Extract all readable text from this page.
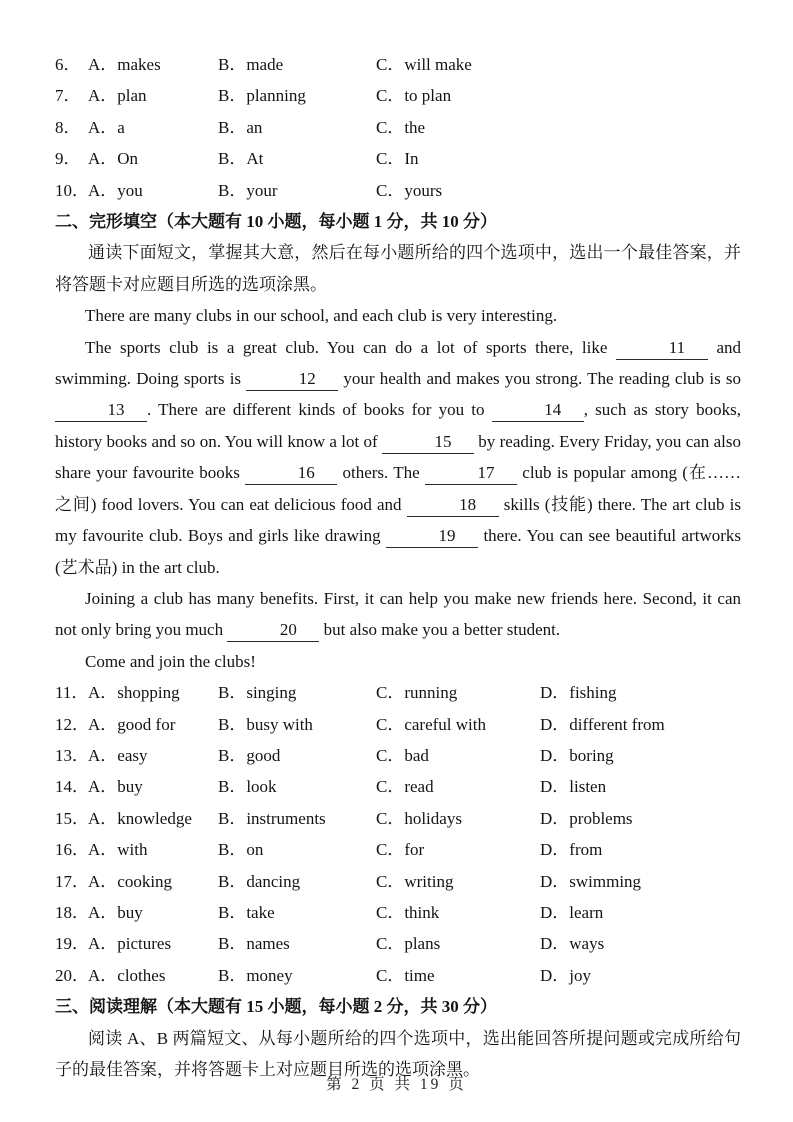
6． A．makes	B．made	C．will make
7． A．plan	B．planning	C．to plan
8． A．a	B．an	C．the
9． A．On	B．At	C．In
10． A．you	B．your	C．yours
二、完形填空（本大题有 10 小题，每小题 1 分，共 10 分）

通读下面短文，掌握其大意，然后在每小题所给的四个选项中，选出一个最佳答案，并将答题卡对应题目所选的选项涂黑。

There are many clubs in our school, and each club is very interesting.

The sports club is a great club. You can do a lot of sports there, like	11 and swimming. Doing sports is	12 your health and makes you strong. The reading club is so 13 . There are different kinds of books for you to	14 , such as story books, history books and so on. You will know a lot of	15 by reading. Every Friday, you can also share your favourite books	16 others. The	17 club is popular among (在……之间) food lovers. You can eat delicious food and	18 skills (技能) there. The art club is my favourite club. Boys and girls like drawing	19 there. You can see beautiful artworks (艺术品) in the art club.

Joining a club has many benefits. First, it can help you make new friends here. Second, it can not only bring you much	20 but also make you a better student.

Come and join the clubs!

11． A．shopping	B．singing	C．running	D．fishing
12． A．good for	B．busy with	C．careful with	D．different from
13． A．easy	B．good	C．bad	D．boring
14． A．buy	B．look	C．read	D．listen
15． A．knowledge	B．instruments	C．holidays	D．problems
16． A．with	B．on	C．for	D．from
17． A．cooking	B．dancing	C．writing	D．swimming
18． A．buy	B．take	C．think	D．learn
19． A．pictures	B．names	C．plans	D．ways
20． A．clothes	B．money	C．time	D．joy
三、阅读理解（本大题有 15 小题，每小题 2 分，共 30 分）

阅读 A、B 两篇短文、从每小题所给的四个选项中，选出能回答所提问题或完成所给句子的最佳答案，并将答题卡上对应题目所选的选项涂黑。

第 2 页 共 19 页
